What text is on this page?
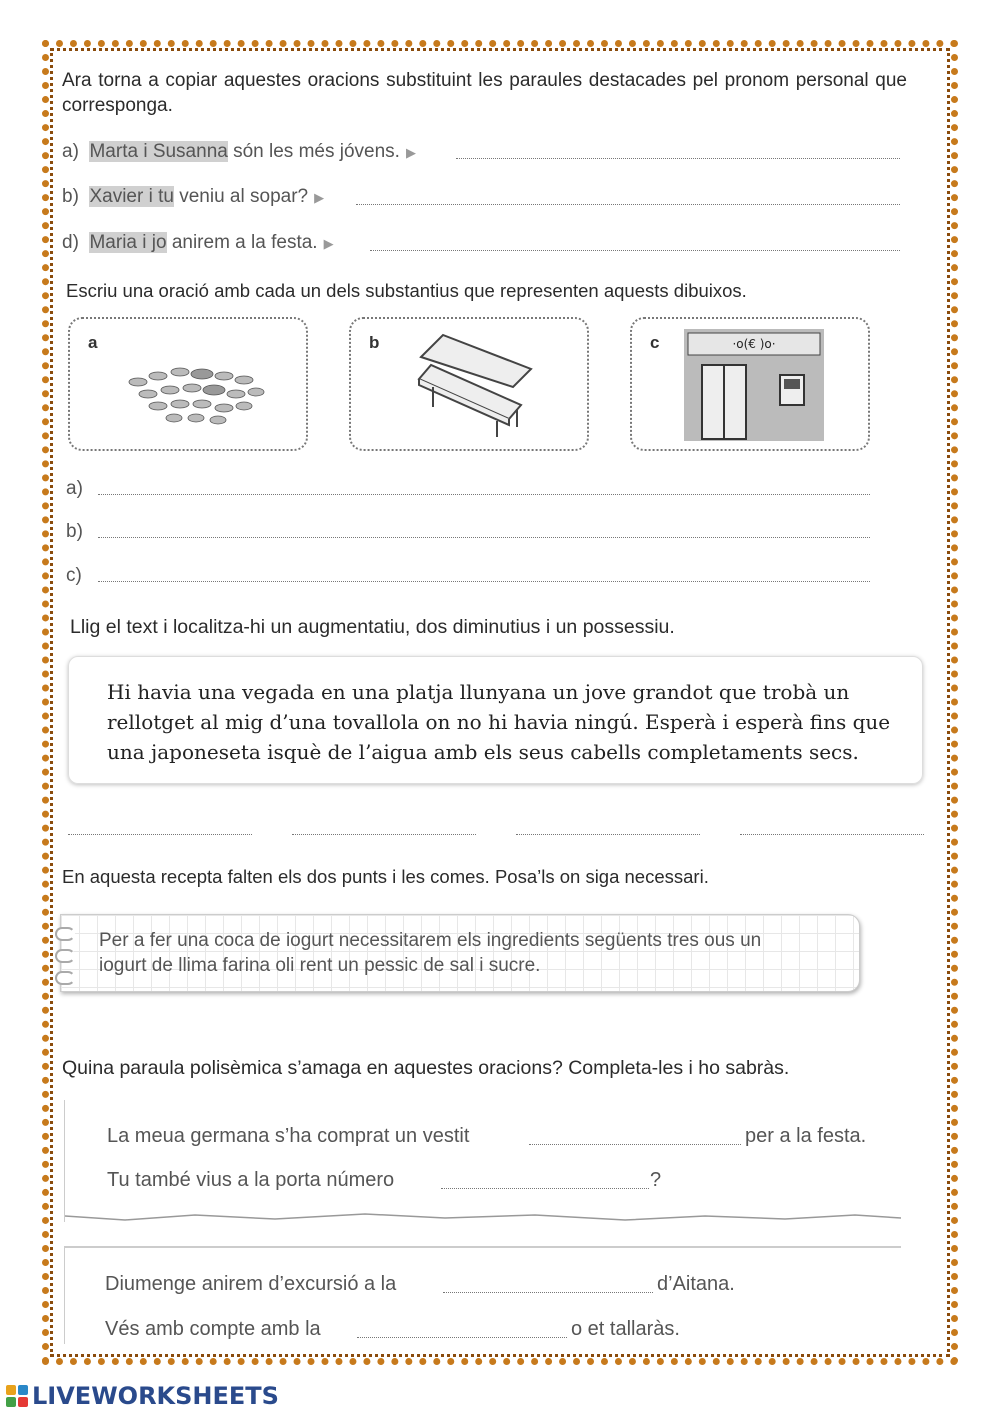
Ara torna a copiar aquestes oracions substituint les paraules destacades pel pronom personal que corresponga.
a) Marta i Susanna són les més jóvens. ▶
b) Xavier i tu veniu al sopar? ▶
d) Maria i jo anirem a la festa. ▶
Escriu una oració amb cada un dels substantius que representen aquests dibuixos.
a	b	c	·o(€ )o·
a)
b)
c)
Llig el text i localitza-hi un augmentatiu, dos diminutius i un possessiu.
Hi havia una vegada en una platja llunyana un jove grandot que trobà un
rellotget al mig d’una tovallola on no hi havia ningú. Esperà i esperà fins que
una japoneseta isquè de l’aigua amb els seus cabells completaments secs.
En aquesta recepta falten els dos punts i les comes. Posa’ls on siga necessari.
Per a fer una coca de iogurt necessitarem els ingredients següents tres ous un
iogurt de llima farina oli rent un pessic de sal i sucre.
Quina paraula polisèmica s’amaga en aquestes oracions? Completa-les i ho sabràs.
La meua germana s’ha comprat un vestit	per a la festa.
Tu també vius a la porta número	?
Diumenge anirem d’excursió a la	d’Aitana.
Vés amb compte amb la	o et tallaràs.
LIVEWORKSHEETS
